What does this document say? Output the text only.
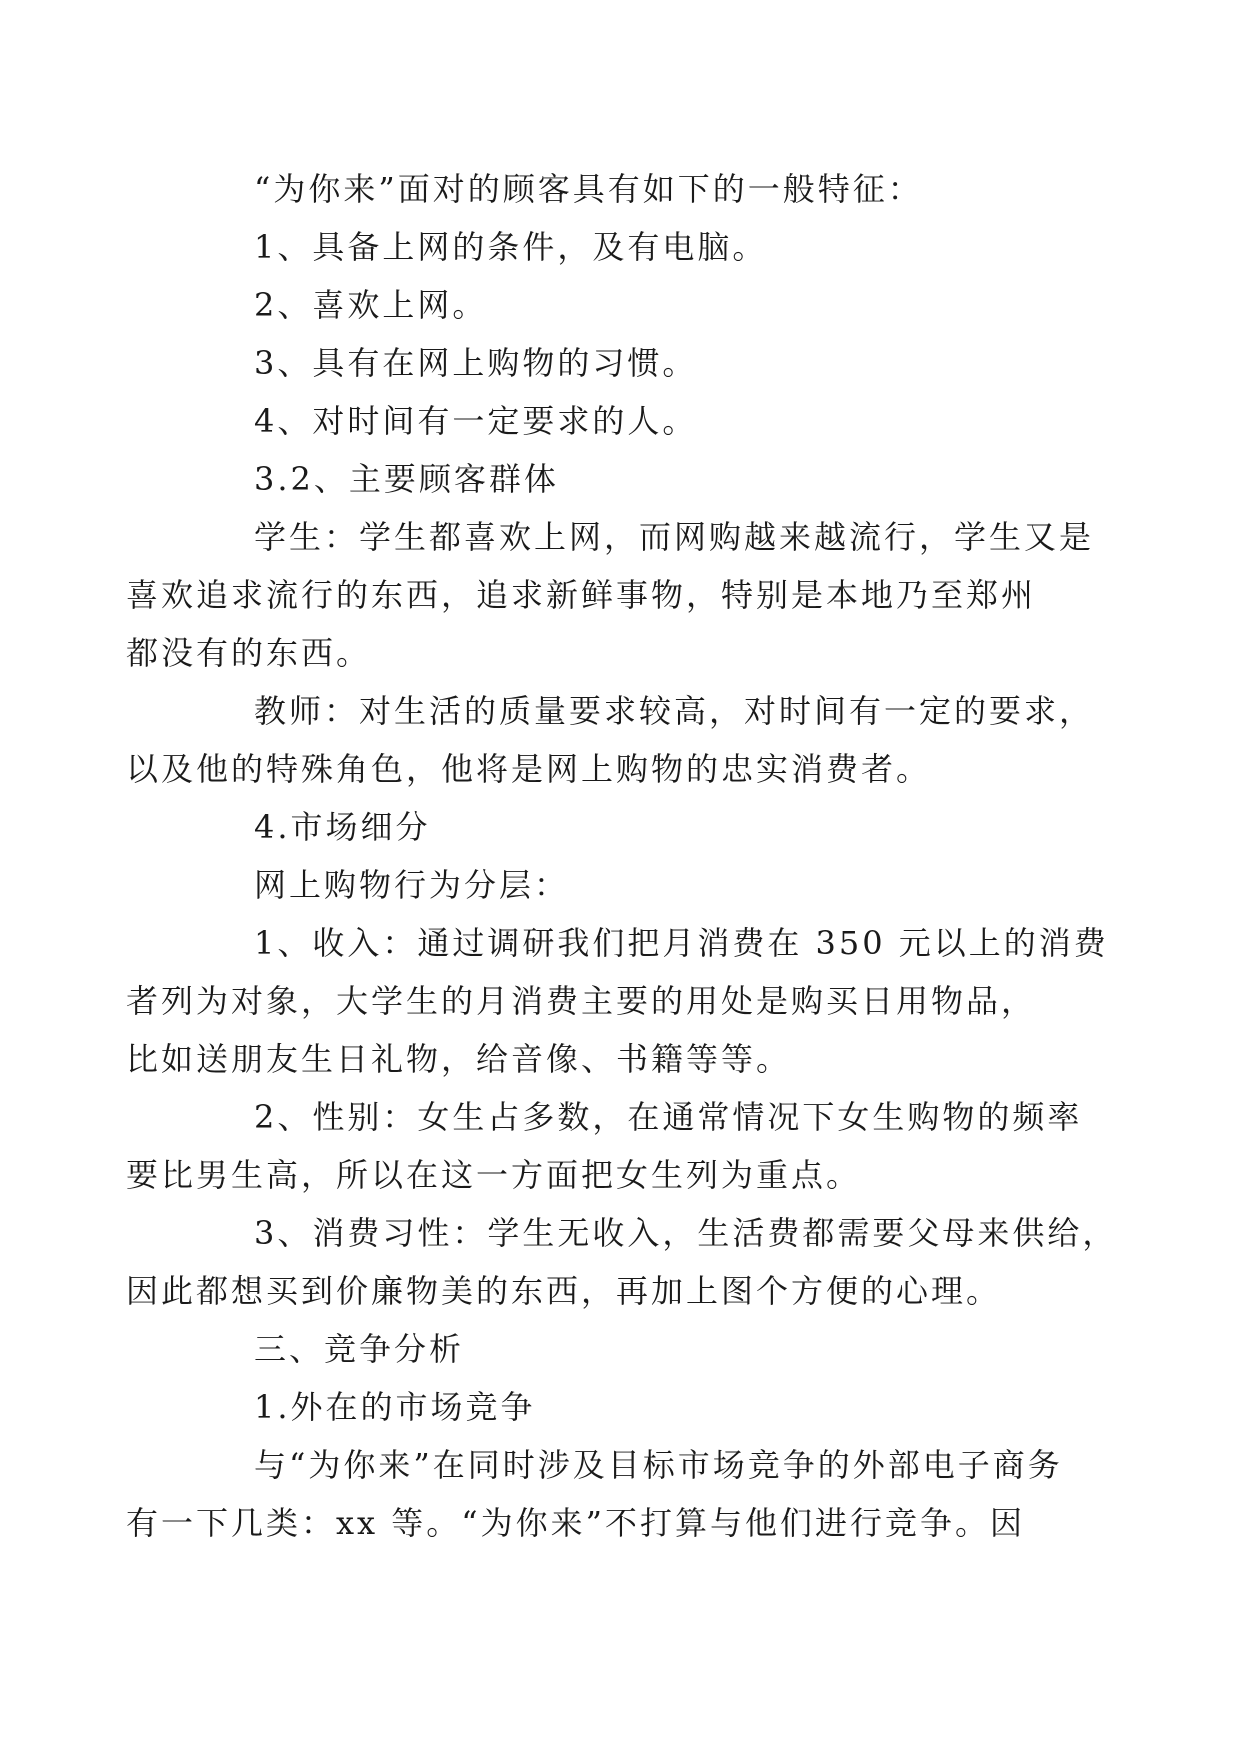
“为你来”面对的顾客具有如下的一般特征：
1、具备上网的条件，及有电脑。
2、喜欢上网。
3、具有在网上购物的习惯。
4、对时间有一定要求的人。
3.2、主要顾客群体
学生：学生都喜欢上网，而网购越来越流行，学生又是
喜欢追求流行的东西，追求新鲜事物，特别是本地乃至郑州
都没有的东西。
教师：对生活的质量要求较高，对时间有一定的要求，
以及他的特殊角色，他将是网上购物的忠实消费者。
4.市场细分
网上购物行为分层：
1、收入：通过调研我们把月消费在 350 元以上的消费
者列为对象，大学生的月消费主要的用处是购买日用物品，
比如送朋友生日礼物，给音像、书籍等等。
2、性别：女生占多数，在通常情况下女生购物的频率
要比男生高，所以在这一方面把女生列为重点。
3、消费习性：学生无收入，生活费都需要父母来供给，
因此都想买到价廉物美的东西，再加上图个方便的心理。
三、竞争分析
1.外在的市场竞争
与“为你来”在同时涉及目标市场竞争的外部电子商务
有一下几类：xx 等。“为你来”不打算与他们进行竞争。因
